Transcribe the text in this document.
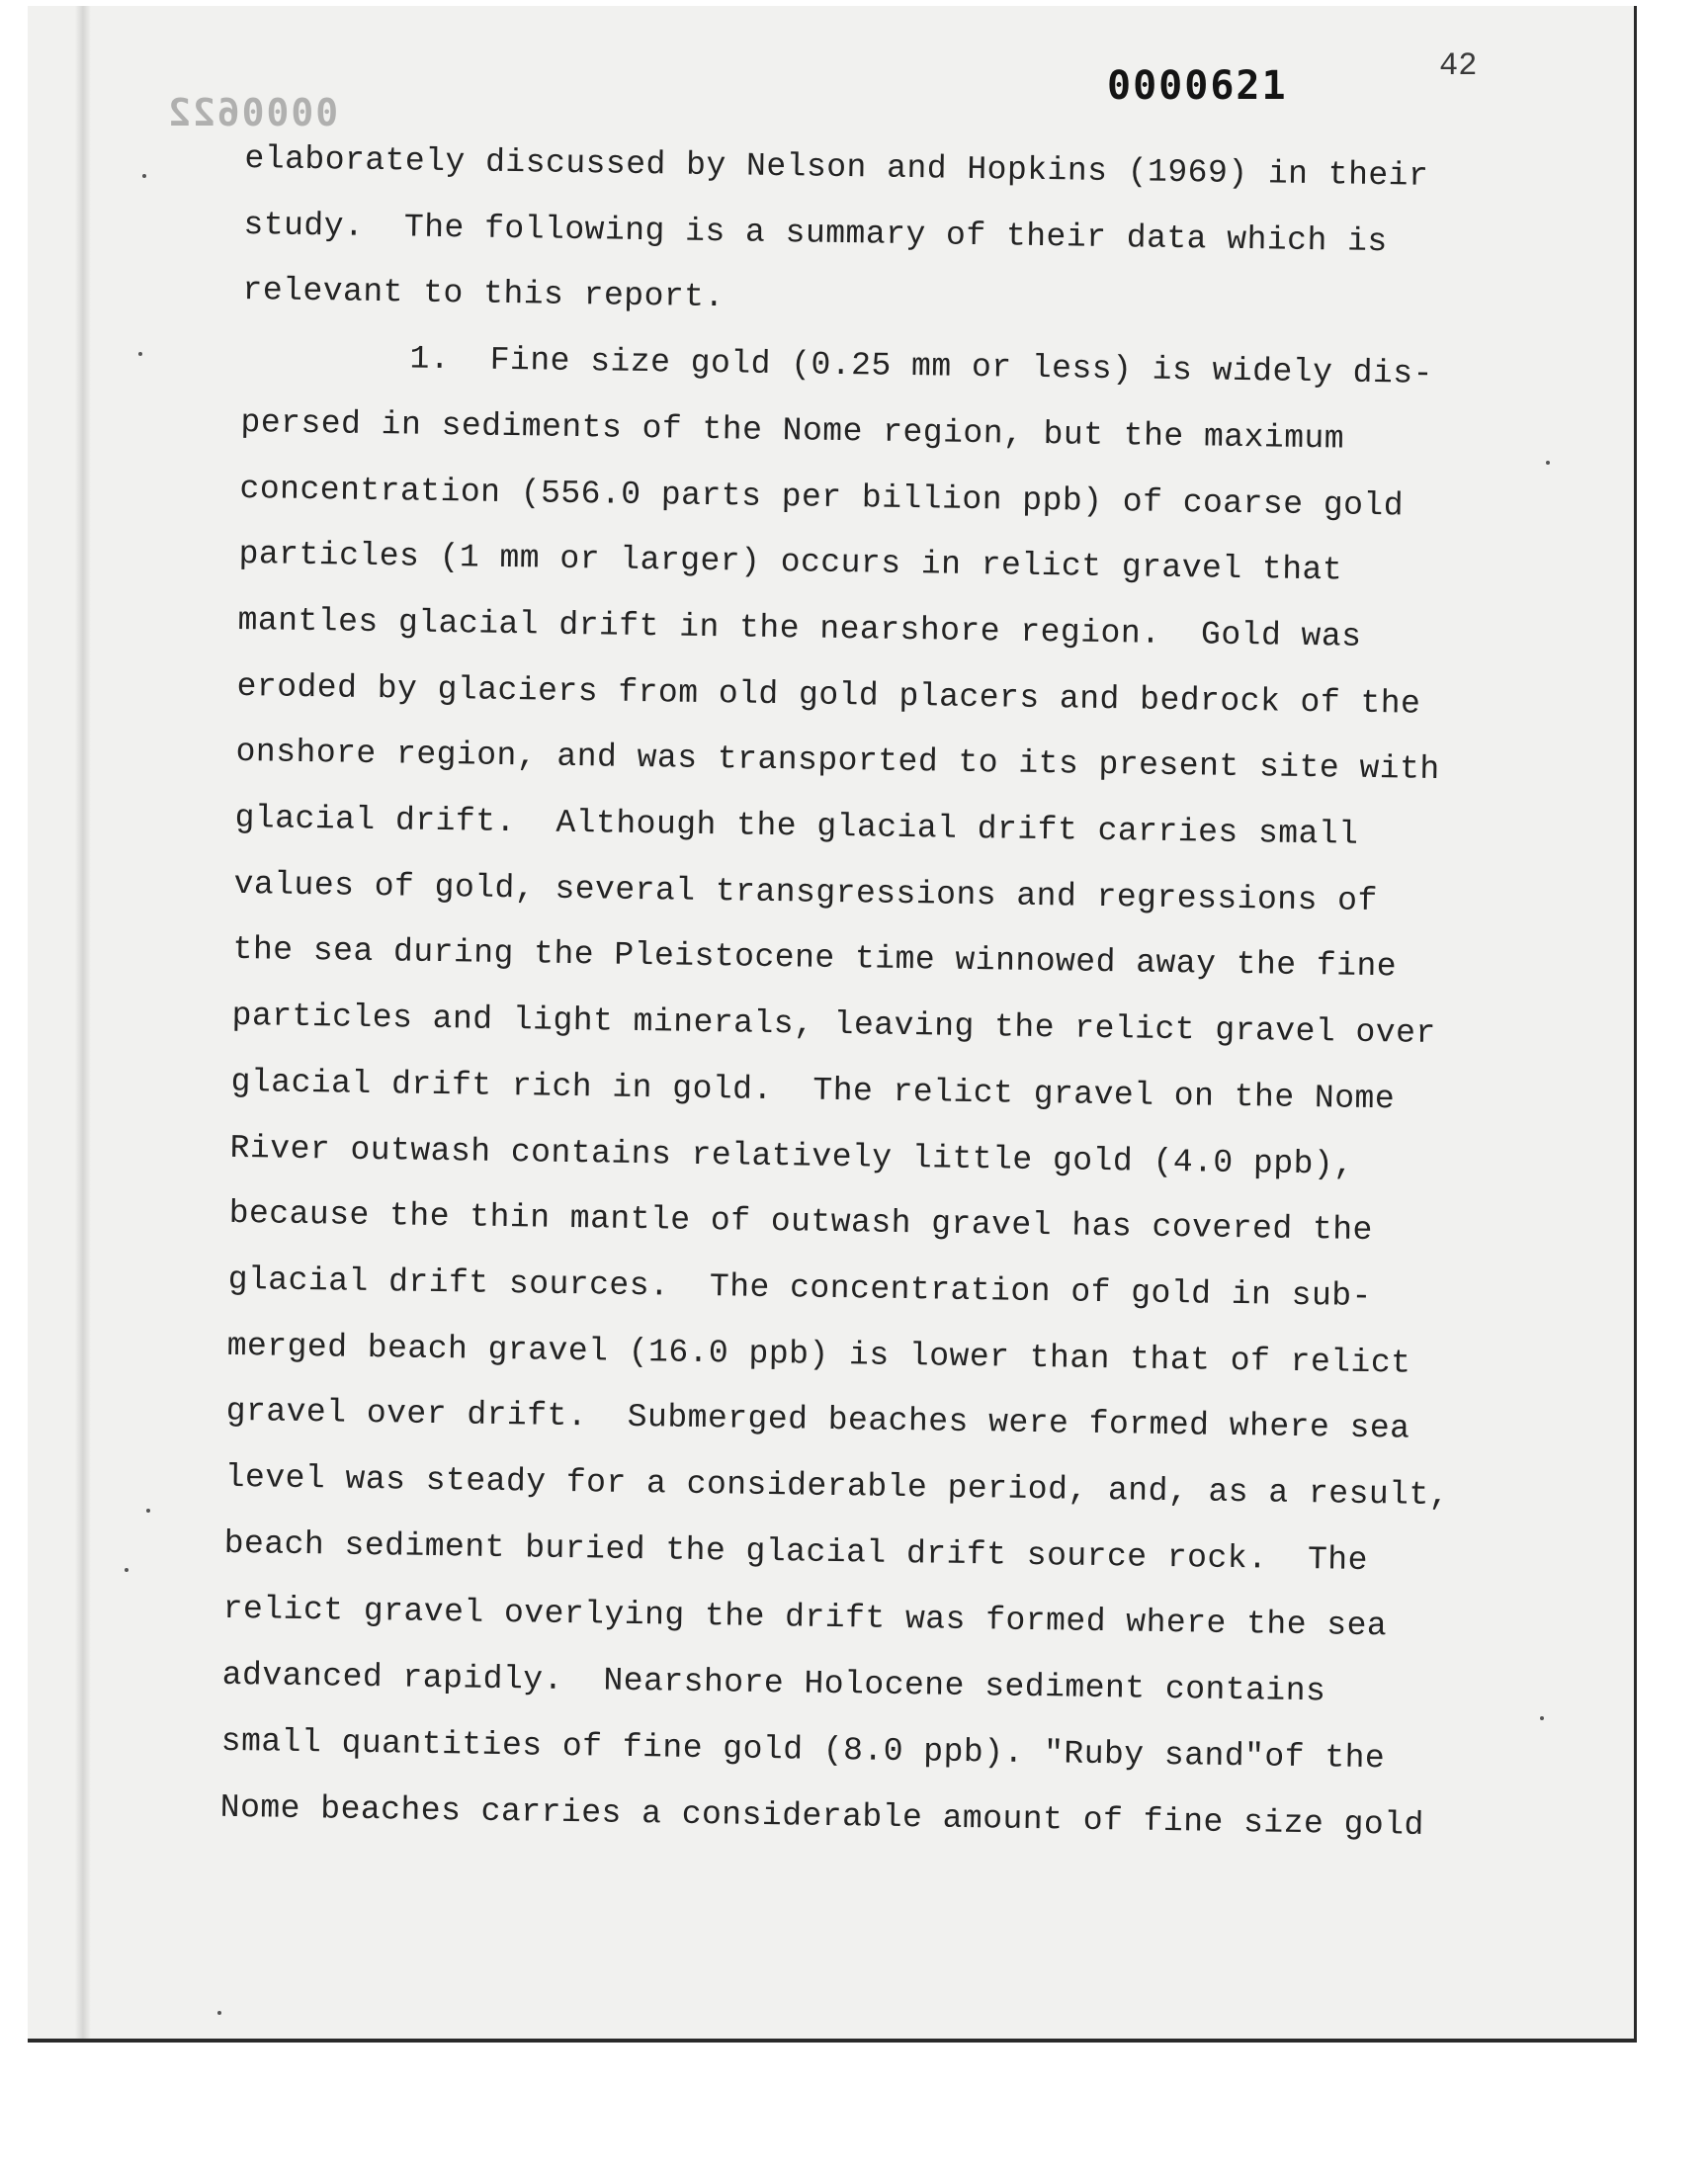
0000622
0000621	42
elaborately discussed by Nelson and Hopkins (1969) in their
study.  The following is a summary of their data which is
relevant to this report.
1.  Fine size gold (0.25 mm or less) is widely dis-
persed in sediments of the Nome region, but the maximum
concentration (556.0 parts per billion ppb) of coarse gold
particles (1 mm or larger) occurs in relict gravel that
mantles glacial drift in the nearshore region.  Gold was
eroded by glaciers from old gold placers and bedrock of the
onshore region, and was transported to its present site with
glacial drift.  Although the glacial drift carries small
values of gold, several transgressions and regressions of
the sea during the Pleistocene time winnowed away the fine
particles and light minerals, leaving the relict gravel over
glacial drift rich in gold.  The relict gravel on the Nome
River outwash contains relatively little gold (4.0 ppb),
because the thin mantle of outwash gravel has covered the
glacial drift sources.  The concentration of gold in sub-
merged beach gravel (16.0 ppb) is lower than that of relict
gravel over drift.  Submerged beaches were formed where sea
level was steady for a considerable period, and, as a result,
beach sediment buried the glacial drift source rock.  The
relict gravel overlying the drift was formed where the sea
advanced rapidly.  Nearshore Holocene sediment contains
small quantities of fine gold (8.0 ppb). "Ruby sand"of the
Nome beaches carries a considerable amount of fine size gold
